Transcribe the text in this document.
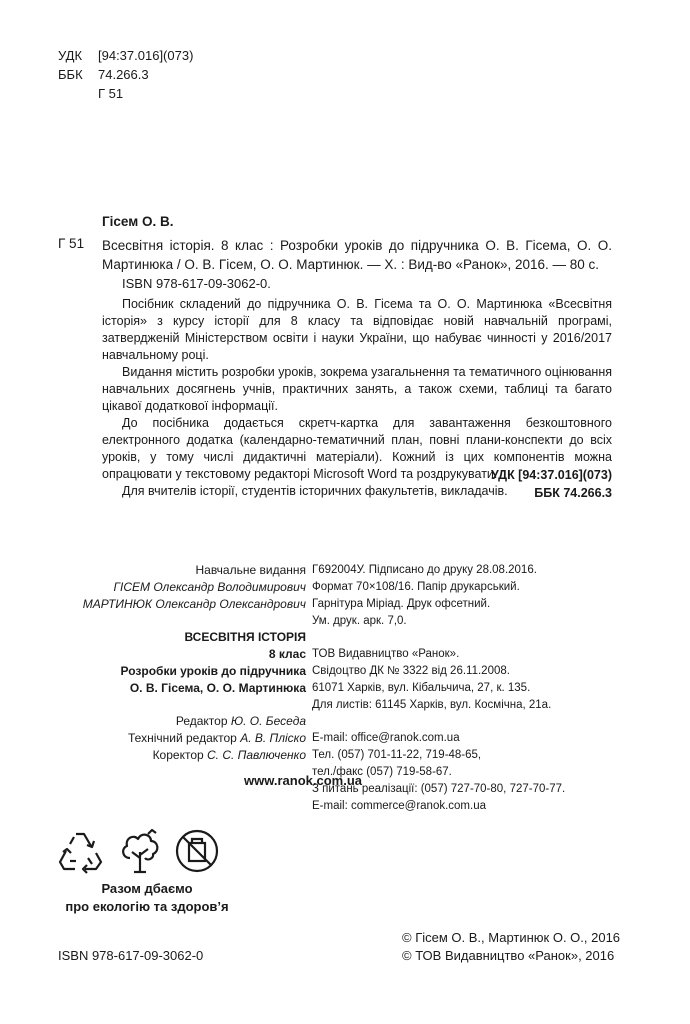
УДК	[94:37.016](073)
ББК	74.266.3
Г 51
Гісем О. В.
Г 51 Всесвітня історія. 8 клас : Розробки уроків до підручника О. В. Гісема, О. О. Мартинюка / О. В. Гісем, О. О. Мартинюк. — Х. : Вид-во «Ранок», 2016. — 80 с.
ISBN 978-617-09-3062-0.

Посібник складений до підручника О. В. Гісема та О. О. Мартинюка «Всесвітня історія» з курсу історії для 8 класу та відповідає новій навчальній програмі, затвердженій Міністерством освіти і науки України, що набуває чинності у 2016/2017 навчальному році.

Видання містить розробки уроків, зокрема узагальнення та тематичного оцінювання навчальних досягнень учнів, практичних занять, а також схеми, таблиці та багато цікавої додаткової інформації.

До посібника додається скретч-картка для завантаження безкоштовного електронного додатка (календарно-тематичний план, повні плани-конспекти до всіх уроків, у тому числі дидактичні матеріали). Кожний із цих компонентів можна опрацювати у текстовому редакторі Microsoft Word та роздрукувати.

Для вчителів історії, студентів історичних факультетів, викладачів.

УДК [94:37.016](073)
ББК 74.266.3
Навчальне видання
ГІСЕМ Олександр Володимирович
МАРТИНЮК Олександр Олександрович
ВСЕСВІТНЯ ІСТОРІЯ
8 клас
Розробки уроків до підручника
О. В. Гісема, О. О. Мартинюка
Редактор Ю. О. Беседа
Технічний редактор А. В. Пліско
Коректор С. С. Павлюченко
Г692004У. Підписано до друку 28.08.2016.
Формат 70×108/16. Папір друкарський.
Гарнітура Міріад. Друк офсетний.
Ум. друк. арк. 7,0.
ТОВ Видавництво «Ранок».
Свідоцтво ДК № 3322 від 26.11.2008.
61071 Харків, вул. Кібальчича, 27, к. 135.
Для листів: 61145 Харків, вул. Космічна, 21а.
E-mail: office@ranok.com.ua
Тел. (057) 701-11-22, 719-48-65,
тел./факс (057) 719-58-67.
З питань реалізації: (057) 727-70-80, 727-70-77.
E-mail: commerce@ranok.com.ua
www.ranok.com.ua
Разом дбаємо
про екологію та здоров’я
ISBN 978-617-09-3062-0
© Гісем О. В., Мартинюк О. О., 2016
© ТОВ Видавництво «Ранок», 2016
